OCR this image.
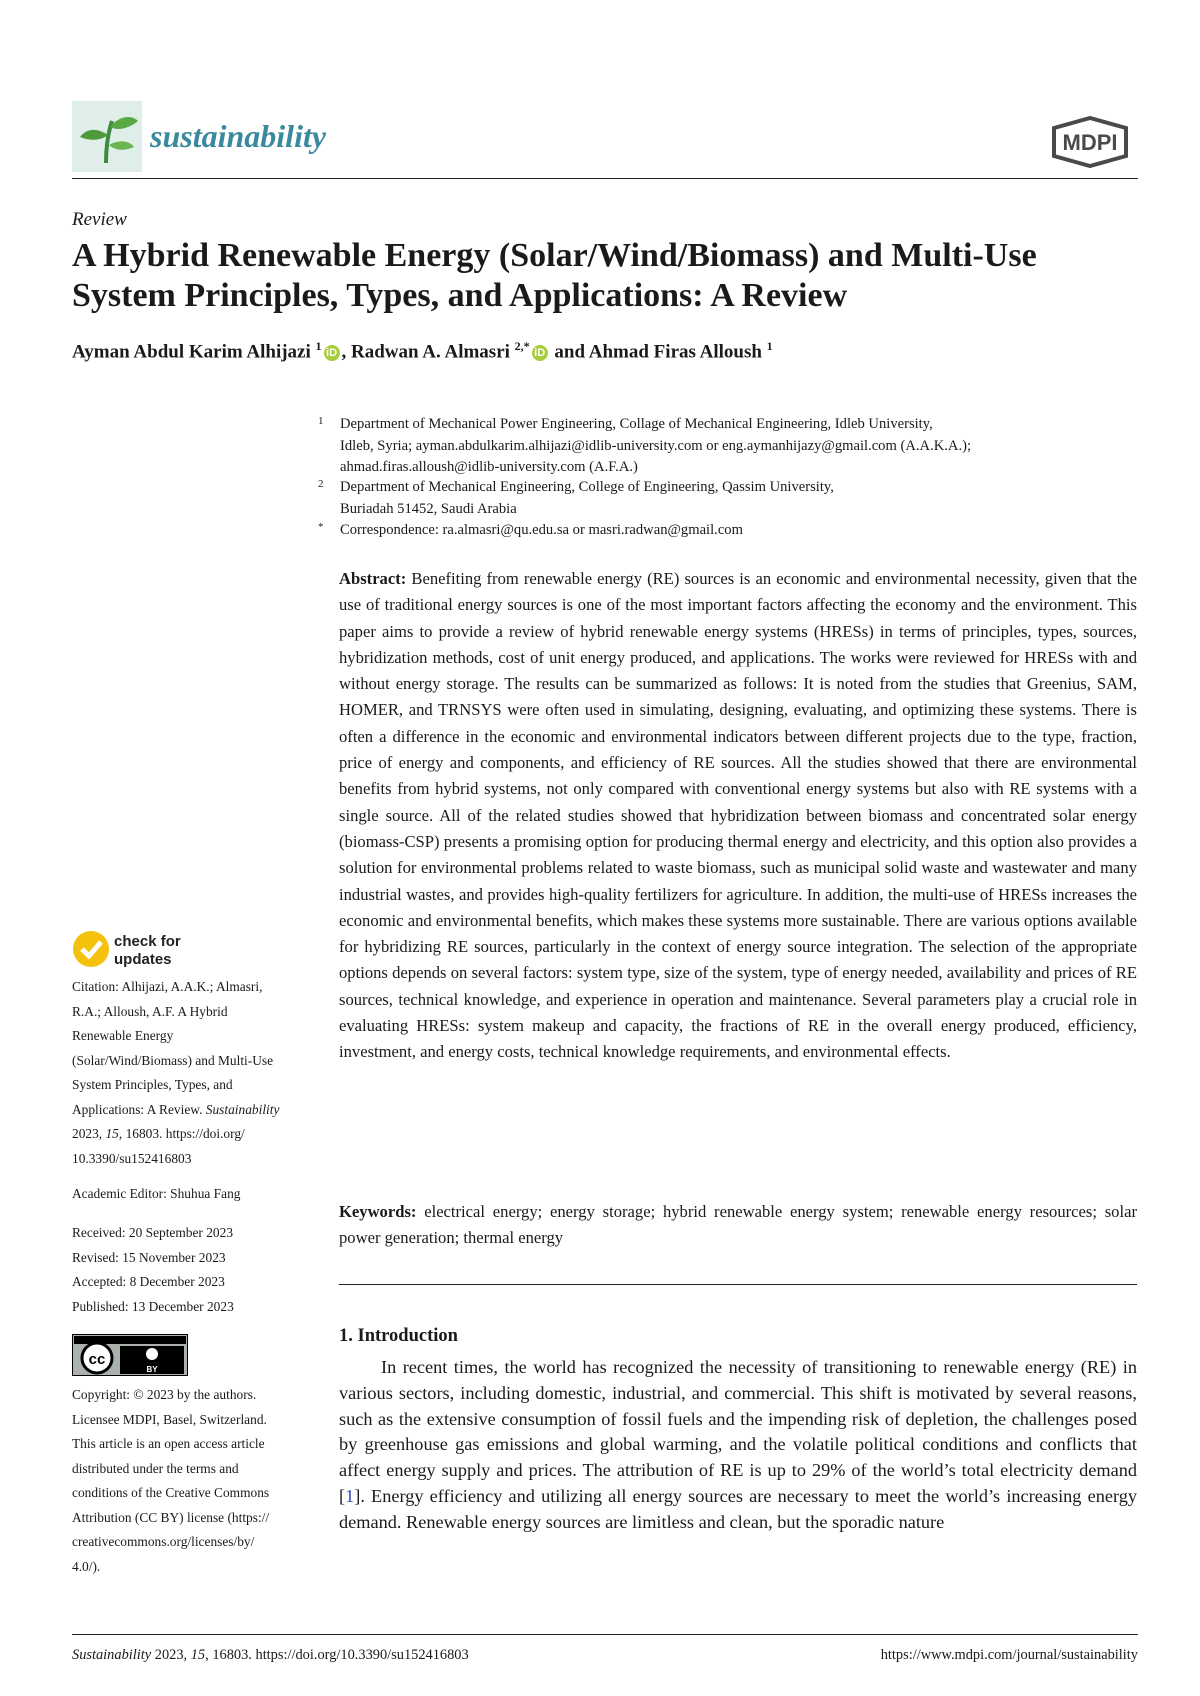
sustainability	MDPI
Review
A Hybrid Renewable Energy (Solar/Wind/Biomass) and Multi-Use
System Principles, Types, and Applications: A Review
Ayman Abdul Karim Alhijazi $^1$iD , Radwan A. Almasri $^{2,*}$iD and Ahmad Firas Alloush $^1$
1 Department of Mechanical Power Engineering, Collage of Mechanical Engineering, Idleb University,
Idleb, Syria; ayman.abdulkarim.alhijazi@idlib-university.com or eng.aymanhijazy@gmail.com (A.A.K.A.);
ahmad.firas.alloush@idlib-university.com (A.F.A.)
2 Department of Mechanical Engineering, College of Engineering, Qassim University,
Buriadah 51452, Saudi Arabia
* Correspondence: ra.almasri@qu.edu.sa or masri.radwan@gmail.com
Abstract: Benefiting from renewable energy (RE) sources is an economic and environmental necessity, given that the use of traditional energy sources is one of the most important factors affecting the economy and the environment. This paper aims to provide a review of hybrid renewable energy systems (HRESs) in terms of principles, types, sources, hybridization methods, cost of unit energy produced, and applications. The works were reviewed for HRESs with and without energy storage. The results can be summarized as follows: It is noted from the studies that Greenius, SAM, HOMER, and TRNSYS were often used in simulating, designing, evaluating, and optimizing these systems. There is often a difference in the economic and environmental indicators between different projects due to the type, fraction, price of energy and components, and efficiency of RE sources. All the studies showed that there are environmental benefits from hybrid systems, not only compared with conventional energy systems but also with RE systems with a single source. All of the related studies showed that hybridization between biomass and concentrated solar energy (biomass-CSP) presents a promising option for producing thermal energy and electricity, and this option also provides a solution for environmental problems related to waste biomass, such as municipal solid waste and wastewater and many industrial wastes, and provides high-quality fertilizers for agriculture. In addition, the multi-use of HRESs increases the economic and environmental benefits, which makes these systems more sustainable. There are various options available for hybridizing RE sources, particularly in the context of energy source integration. The selection of the appropriate options depends on several factors: system type, size of the system, type of energy needed, availability and prices of RE sources, technical knowledge, and experience in operation and maintenance. Several parameters play a crucial role in evaluating HRESs: system makeup and capacity, the fractions of RE in the overall energy produced, efficiency, investment, and energy costs, technical knowledge requirements, and environmental effects.
Keywords: electrical energy; energy storage; hybrid renewable energy system; renewable energy resources; solar power generation; thermal energy
check for
updates
Citation: Alhijazi, A.A.K.; Almasri,
R.A.; Alloush, A.F. A Hybrid
Renewable Energy
(Solar/Wind/Biomass) and Multi-Use
System Principles, Types, and
Applications: A Review. Sustainability
2023, 15, 16803. https://doi.org/
10.3390/su152416803
Academic Editor: Shuhua Fang
Received: 20 September 2023
Revised: 15 November 2023
Accepted: 8 December 2023
Published: 13 December 2023
cc
BY
Copyright: © 2023 by the authors.
Licensee MDPI, Basel, Switzerland.
This article is an open access article
distributed under the terms and
conditions of the Creative Commons
Attribution (CC BY) license (https://
creativecommons.org/licenses/by/
4.0/).
1. Introduction
In recent times, the world has recognized the necessity of transitioning to renewable energy (RE) in various sectors, including domestic, industrial, and commercial. This shift is motivated by several reasons, such as the extensive consumption of fossil fuels and the impending risk of depletion, the challenges posed by greenhouse gas emissions and global warming, and the volatile political conditions and conflicts that affect energy supply and prices. The attribution of RE is up to 29% of the world’s total electricity demand [1]. Energy efficiency and utilizing all energy sources are necessary to meet the world’s increasing energy demand. Renewable energy sources are limitless and clean, but the sporadic nature
Sustainability 2023, 15, 16803. https://doi.org/10.3390/su152416803	https://www.mdpi.com/journal/sustainability
